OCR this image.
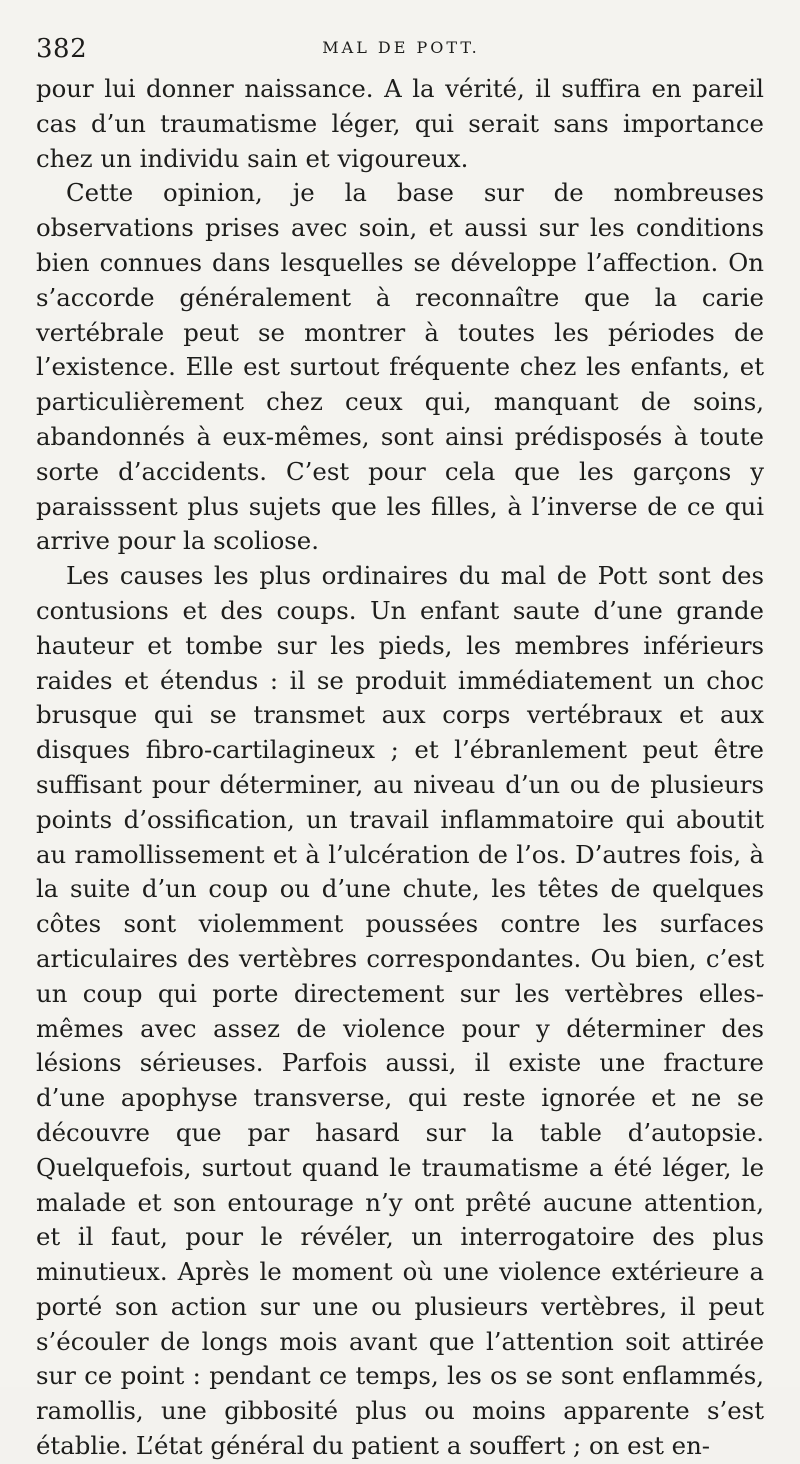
382	MAL DE POTT.

pour lui donner naissance. A la vérité, il suffira en pareil cas d’un traumatisme léger, qui serait sans importance chez un individu sain et vigoureux.

Cette opinion, je la base sur de nombreuses observations prises avec soin, et aussi sur les conditions bien connues dans lesquelles se développe l’affection. On s’accorde généralement à reconnaître que la carie vertébrale peut se montrer à toutes les périodes de l’existence. Elle est surtout fréquente chez les enfants, et particulièrement chez ceux qui, manquant de soins, abandonnés à eux-mêmes, sont ainsi prédisposés à toute sorte d’accidents. C’est pour cela que les garçons y paraisssent plus sujets que les filles, à l’inverse de ce qui arrive pour la scoliose.

Les causes les plus ordinaires du mal de Pott sont des contusions et des coups. Un enfant saute d’une grande hauteur et tombe sur les pieds, les membres inférieurs raides et étendus : il se produit immédiatement un choc brusque qui se transmet aux corps vertébraux et aux disques fibro-cartilagineux ; et l’ébranlement peut être suffisant pour déterminer, au niveau d’un ou de plusieurs points d’ossification, un travail inflammatoire qui aboutit au ramollissement et à l’ulcération de l’os. D’autres fois, à la suite d’un coup ou d’une chute, les têtes de quelques côtes sont violemment poussées contre les surfaces articulaires des vertèbres correspondantes. Ou bien, c’est un coup qui porte directement sur les vertèbres elles-mêmes avec assez de violence pour y déterminer des lésions sérieuses. Parfois aussi, il existe une fracture d’une apophyse transverse, qui reste ignorée et ne se découvre que par hasard sur la table d’autopsie. Quelquefois, surtout quand le traumatisme a été léger, le malade et son entourage n’y ont prêté aucune attention, et il faut, pour le révéler, un interrogatoire des plus minutieux. Après le moment où une violence extérieure a porté son action sur une ou plusieurs vertèbres, il peut s’écouler de longs mois avant que l’attention soit attirée sur ce point : pendant ce temps, les os se sont enflammés, ramollis, une gibbosité plus ou moins apparente s’est établie. L’état général du patient a souffert ; on est en-
